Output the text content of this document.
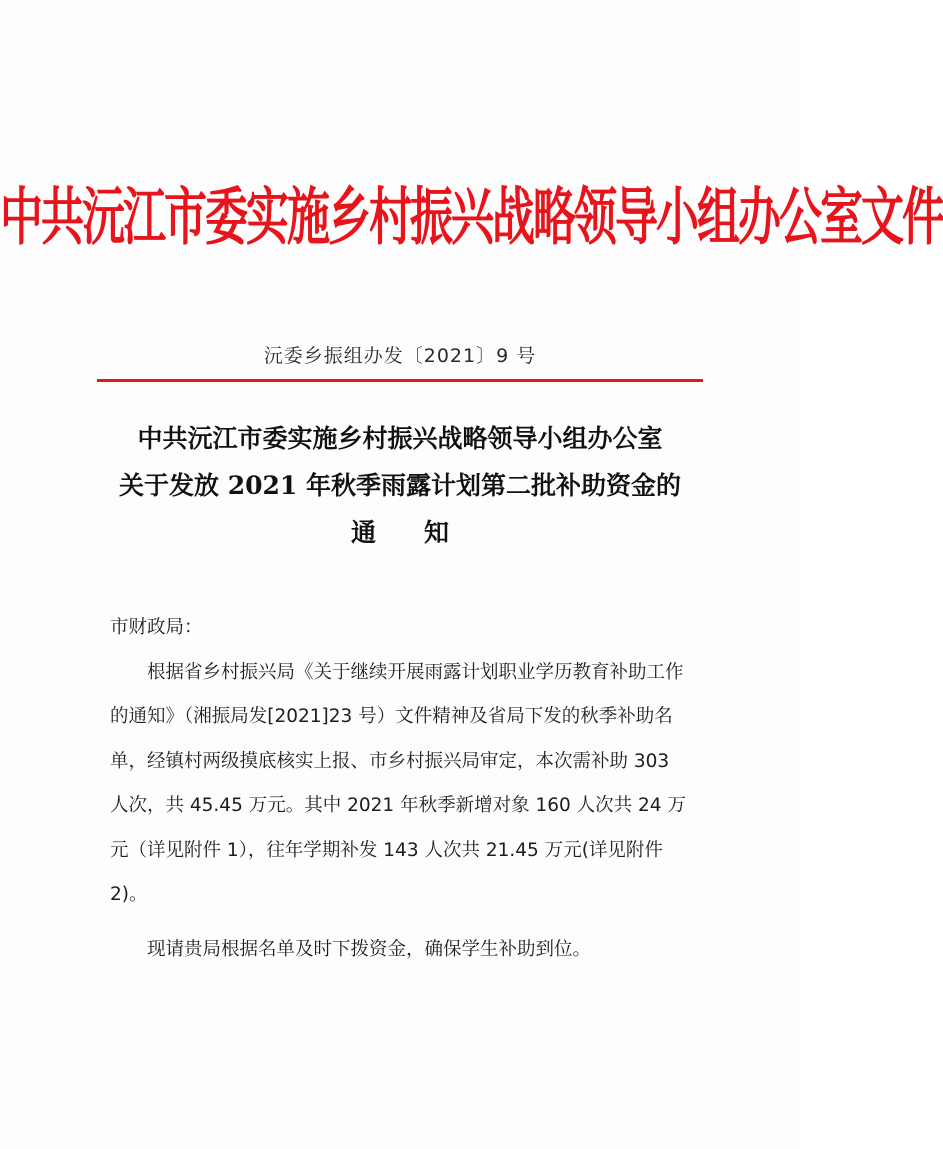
中共沅江市委实施乡村振兴战略领导小组办公室文件
沅委乡振组办发〔2021〕9 号
中共沅江市委实施乡村振兴战略领导小组办公室
关于发放 2021 年秋季雨露计划第二批补助资金的
通知

市财政局：

根据省乡村振兴局《关于继续开展雨露计划职业学历教育补助工作的通知》（湘振局发[2021]23 号）文件精神及省局下发的秋季补助名单，经镇村两级摸底核实上报、市乡村振兴局审定，本次需补助 303 人次，共 45.45 万元。其中 2021 年秋季新增对象 160 人次共 24 万元（详见附件 1），往年学期补发 143 人次共 21.45 万元(详见附件 2)。

现请贵局根据名单及时下拨资金，确保学生补助到位。
